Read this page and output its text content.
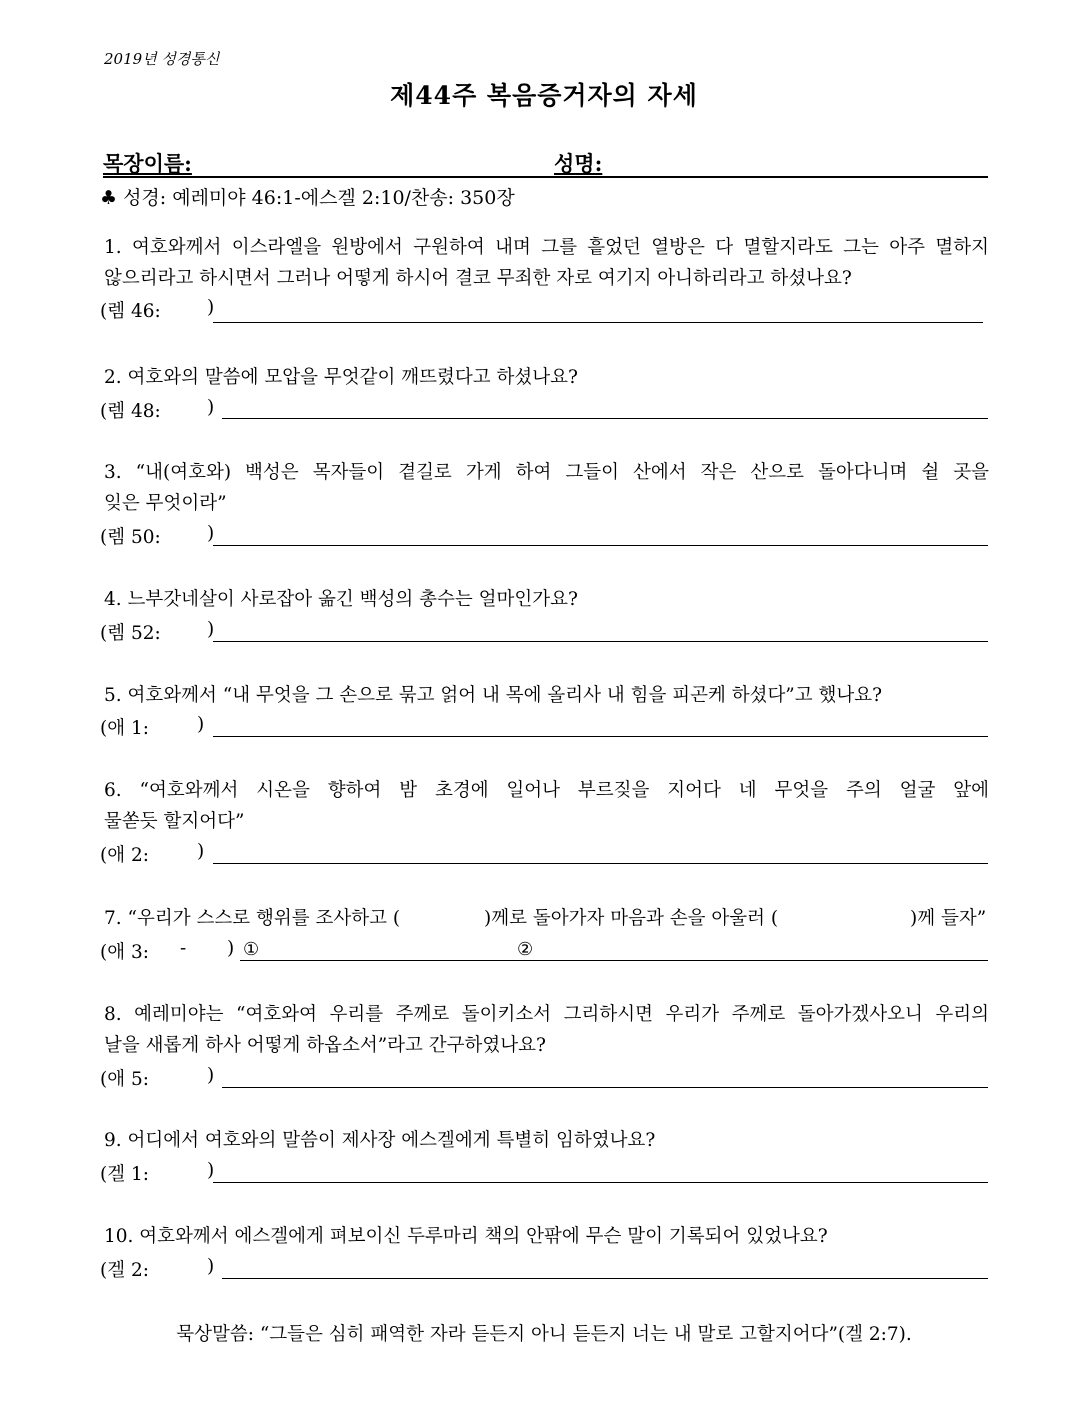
2019년 성경통신
제44주 복음증거자의 자세
목장이름:	성명:
♣ 성경: 예레미야 46:1-에스겔 2:10/찬송: 350장
1. 여호와께서 이스라엘을 원방에서 구원하여 내며 그를 흩었던 열방은 다 멸할지라도 그는 아주 멸하지
않으리라고 하시면서 그러나 어떻게 하시어 결코 무죄한 자로 여기지 아니하리라고 하셨나요?
(렘 46:	)
2. 여호와의 말씀에 모압을 무엇같이 깨뜨렸다고 하셨나요?
(렘 48:	)
3. “내(여호와) 백성은 목자들이 곁길로 가게 하여 그들이 산에서 작은 산으로 돌아다니며 쉴 곳을
잊은 무엇이라”
(렘 50:	)
4. 느부갓네살이 사로잡아 옮긴 백성의 총수는 얼마인가요?
(렘 52:	)
5. 여호와께서 “내 무엇을 그 손으로 묶고 얽어 내 목에 올리사 내 힘을 피곤케 하셨다”고 했나요?
(애 1:	)
6. “여호와께서 시온을 향하여 밤 초경에 일어나 부르짖을 지어다 네 무엇을 주의 얼굴 앞에
물쏟듯 할지어다”
(애 2:	)
7. “우리가 스스로 행위를 조사하고 (	)께로 돌아가자 마음과 손을 아울러 (	)께 들자”
(애 3: - ) ①	②
8. 예레미야는 “여호와여 우리를 주께로 돌이키소서 그리하시면 우리가 주께로 돌아가겠사오니 우리의
날을 새롭게 하사 어떻게 하옵소서”라고 간구하였나요?
(애 5:	)
9. 어디에서 여호와의 말씀이 제사장 에스겔에게 특별히 임하였나요?
(겔 1:	)
10. 여호와께서 에스겔에게 펴보이신 두루마리 책의 안팎에 무슨 말이 기록되어 있었나요?
(겔 2:	)
묵상말씀: “그들은 심히 패역한 자라 듣든지 아니 듣든지 너는 내 말로 고할지어다”(겔 2:7).
